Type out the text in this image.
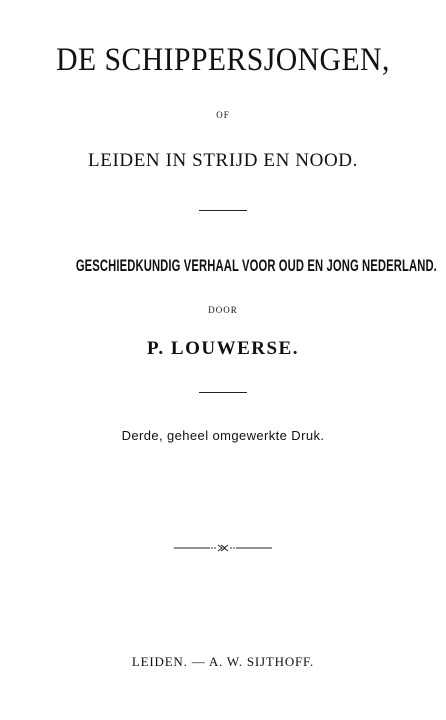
DE SCHIPPERSJONGEN,

OF

LEIDEN IN STRIJD EN NOOD.

GESCHIEDKUNDIG VERHAAL VOOR OUD EN JONG NEDERLAND.

DOOR

P. LOUWERSE.

Derde, geheel omgewerkte Druk.

LEIDEN. — A. W. SIJTHOFF.
